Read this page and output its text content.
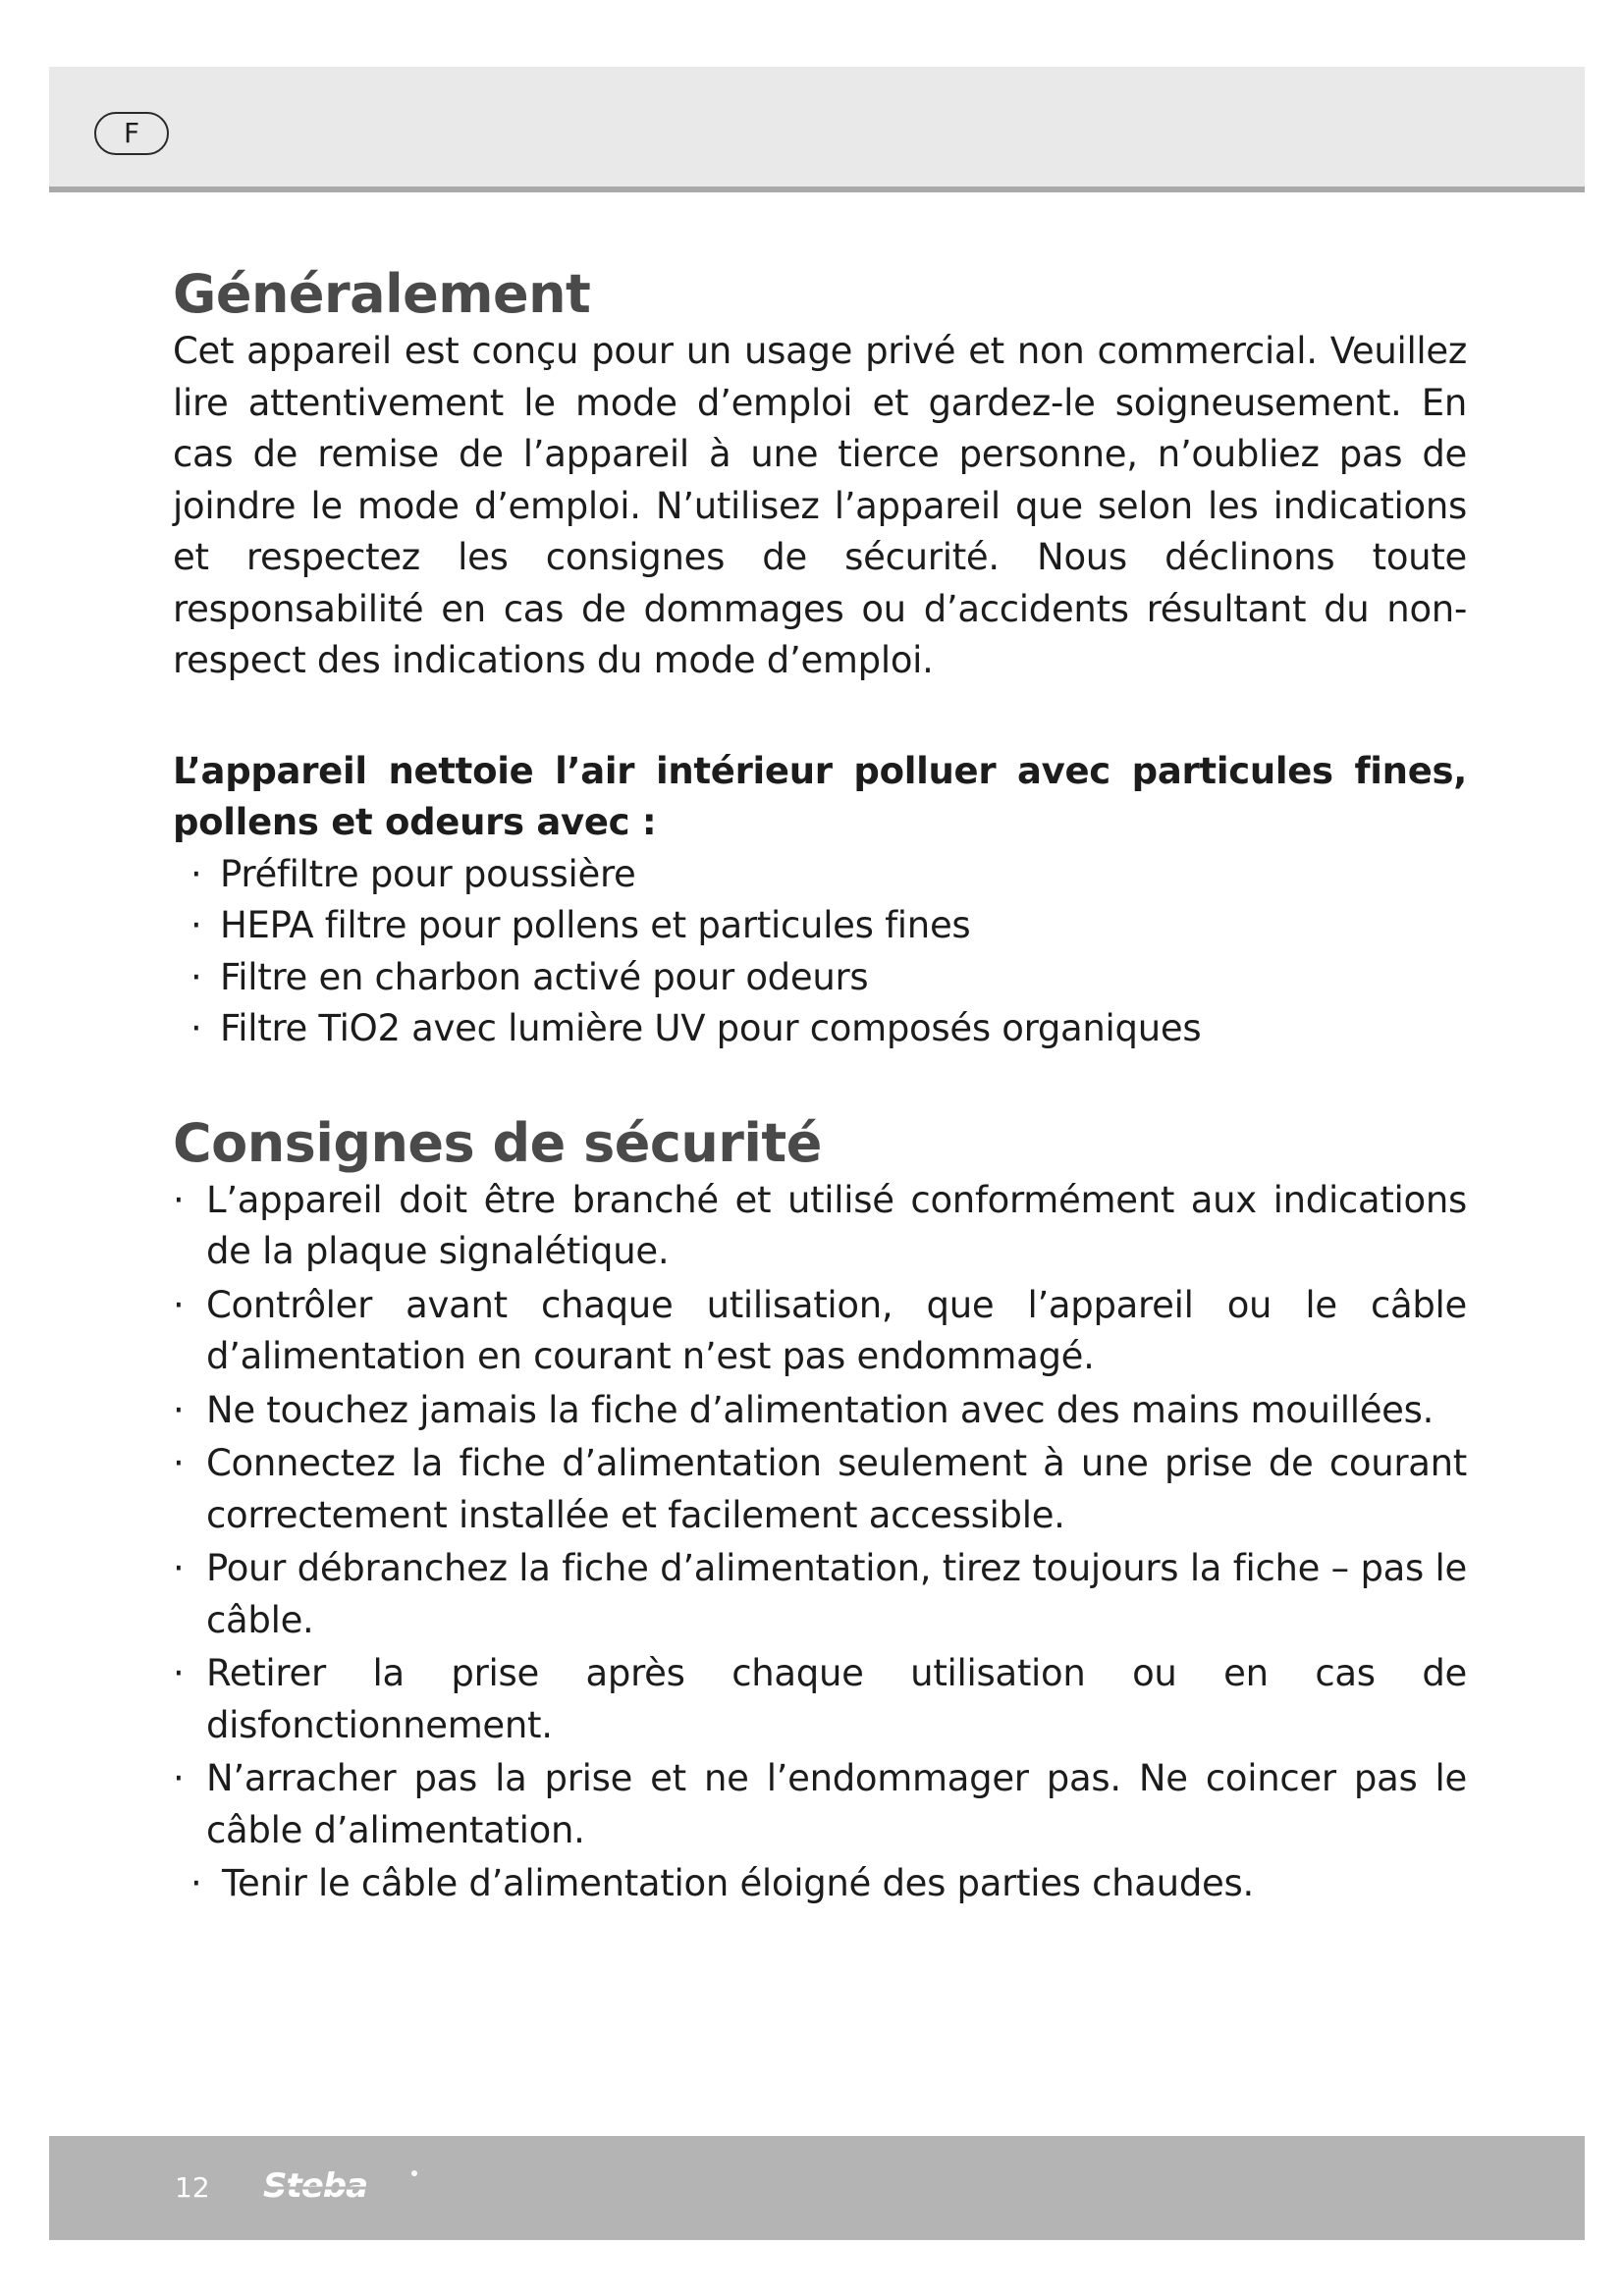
F
Généralement

Cet appareil est conçu pour un usage privé et non commercial. Veuillez lire attentivement le mode d’emploi et gardez-le soigneusement. En cas de remise de l’appareil à une tierce personne, n’oubliez pas de joindre le mode d’emploi. N’utilisez l’appareil que selon les indications et respectez les consignes de sécurité. Nous déclinons toute responsabilité en cas de dommages ou d’accidents résultant du non-respect des indications du mode d’emploi.

L’appareil nettoie l’air intérieur polluer avec particules fines, pollens et odeurs avec :

· Préfiltre pour poussière
· HEPA filtre pour pollens et particules fines
· Filtre en charbon activé pour odeurs
· Filtre TiO2 avec lumière UV pour composés organiques
Consignes de sécurité
· L’appareil doit être branché et utilisé conformément aux indications de la plaque signalétique.
· Contrôler avant chaque utilisation, que l’appareil ou le câble d’alimentation en courant n’est pas endommagé.
· Ne touchez jamais la fiche d’alimentation avec des mains mouillées.
· Connectez la fiche d’alimentation seulement à une prise de courant correctement installée et facilement accessible.
· Pour débranchez la fiche d’alimentation, tirez toujours la fiche – pas le câble.
· Retirer la prise après chaque utilisation ou en cas de disfonctionnement.
· N’arracher pas la prise et ne l’endommager pas. Ne coincer pas le câble d’alimentation.
· Tenir le câble d’alimentation éloigné des parties chaudes.
12 Steba
